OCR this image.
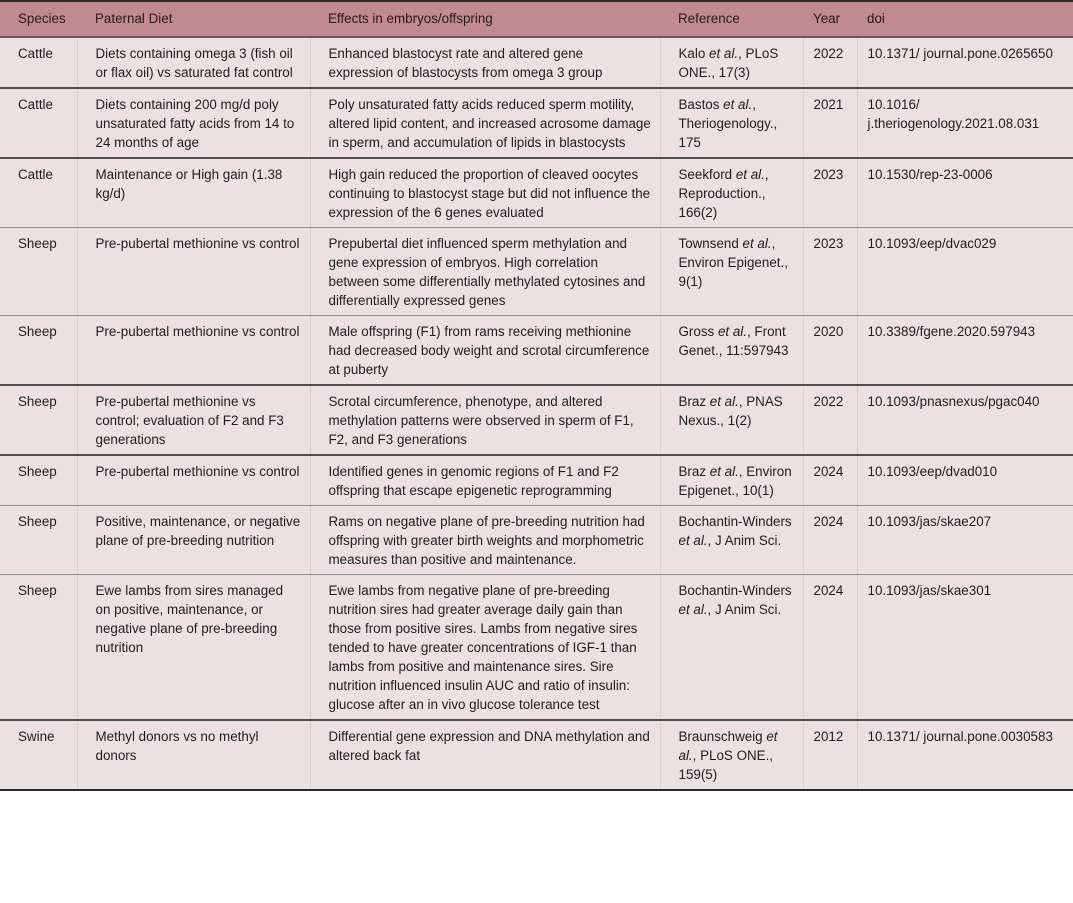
Species	Paternal Diet	Effects in embryos/offspring	Reference	Year	doi
Cattle	Diets containing omega 3 (fish oil or flax oil) vs saturated fat control	Enhanced blastocyst rate and altered gene expression of blastocysts from omega 3 group	Kalo et al., PLoS ONE., 17(3)	2022	10.1371/ journal.pone.0265650
Cattle	Diets containing 200 mg/d poly unsaturated fatty acids from 14 to 24 months of age	Poly unsaturated fatty acids reduced sperm motility, altered lipid content, and increased acrosome damage in sperm, and accumulation of lipids in blastocysts	Bastos et al., Theriogenology., 175	2021	10.1016/ j.theriogenology.2021.08.031
Cattle	Maintenance or High gain (1.38 kg/d)	High gain reduced the proportion of cleaved oocytes continuing to blastocyst stage but did not influence the expression of the 6 genes evaluated	Seekford et al., Reproduction., 166(2)	2023	10.1530/rep-23-0006
Sheep	Pre-pubertal methionine vs control	Prepubertal diet influenced sperm methylation and gene expression of embryos. High correlation between some differentially methylated cytosines and differentially expressed genes	Townsend et al., Environ Epigenet., 9(1)	2023	10.1093/eep/dvac029
Sheep	Pre-pubertal methionine vs control	Male offspring (F1) from rams receiving methionine had decreased body weight and scrotal circumference at puberty	Gross et al., Front Genet., 11:597943	2020	10.3389/fgene.2020.597943
Sheep	Pre-pubertal methionine vs control; evaluation of F2 and F3 generations	Scrotal circumference, phenotype, and altered methylation patterns were observed in sperm of F1, F2, and F3 generations	Braz et al., PNAS Nexus., 1(2)	2022	10.1093/pnasnexus/pgac040
Sheep	Pre-pubertal methionine vs control	Identified genes in genomic regions of F1 and F2 offspring that escape epigenetic reprogramming	Braz et al., Environ Epigenet., 10(1)	2024	10.1093/eep/dvad010
Sheep	Positive, maintenance, or negative plane of pre-breeding nutrition	Rams on negative plane of pre-breeding nutrition had offspring with greater birth weights and morphometric measures than positive and maintenance.	Bochantin-Winders et al., J Anim Sci.	2024	10.1093/jas/skae207
Sheep	Ewe lambs from sires managed on positive, maintenance, or negative plane of pre-breeding nutrition	Ewe lambs from negative plane of pre-breeding nutrition sires had greater average daily gain than those from positive sires. Lambs from negative sires tended to have greater concentrations of IGF-1 than lambs from positive and maintenance sires. Sire nutrition influenced insulin AUC and ratio of insulin: glucose after an in vivo glucose tolerance test	Bochantin-Winders et al., J Anim Sci.	2024	10.1093/jas/skae301
Swine	Methyl donors vs no methyl donors	Differential gene expression and DNA methylation and altered back fat	Braunschweig et al., PLoS ONE., 159(5)	2012	10.1371/ journal.pone.0030583
